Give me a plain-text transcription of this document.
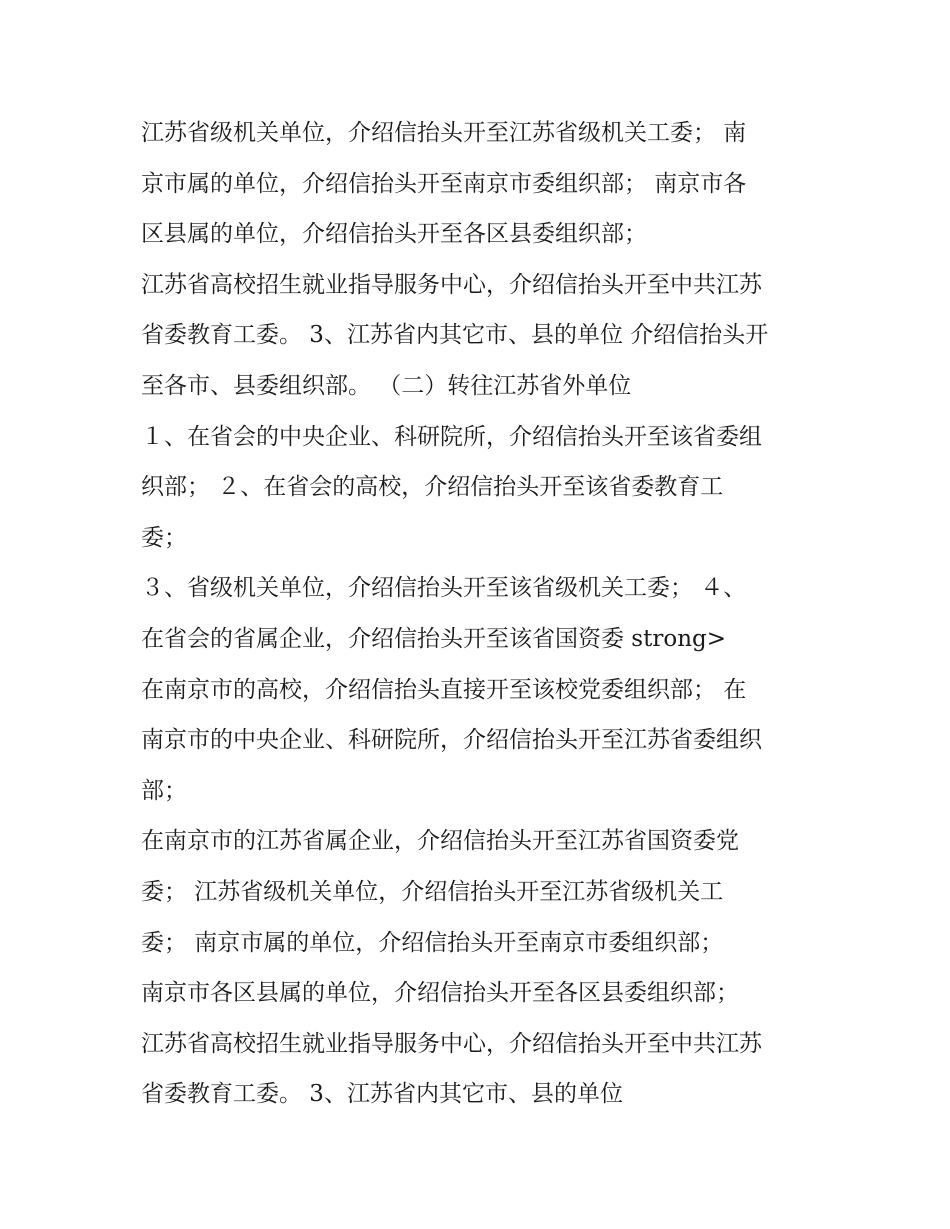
江苏省级机关单位，介绍信抬头开至江苏省级机关工委； 南
京市属的单位，介绍信抬头开至南京市委组织部； 南京市各
区县属的单位，介绍信抬头开至各区县委组织部；
江苏省高校招生就业指导服务中心，介绍信抬头开至中共江苏
省委教育工委。 3、江苏省内其它市、县的单位 介绍信抬头开
至各市、县委组织部。 （二）转往江苏省外单位
１、在省会的中央企业、科研院所，介绍信抬头开至该省委组
织部； ２、在省会的高校，介绍信抬头开至该省委教育工
委；
３、省级机关单位，介绍信抬头开至该省级机关工委； ４、
在省会的省属企业，介绍信抬头开至该省国资委 strong>
在南京市的高校，介绍信抬头直接开至该校党委组织部； 在
南京市的中央企业、科研院所，介绍信抬头开至江苏省委组织
部；
在南京市的江苏省属企业，介绍信抬头开至江苏省国资委党
委； 江苏省级机关单位，介绍信抬头开至江苏省级机关工
委； 南京市属的单位，介绍信抬头开至南京市委组织部；
南京市各区县属的单位，介绍信抬头开至各区县委组织部；
江苏省高校招生就业指导服务中心，介绍信抬头开至中共江苏
省委教育工委。 3、江苏省内其它市、县的单位
